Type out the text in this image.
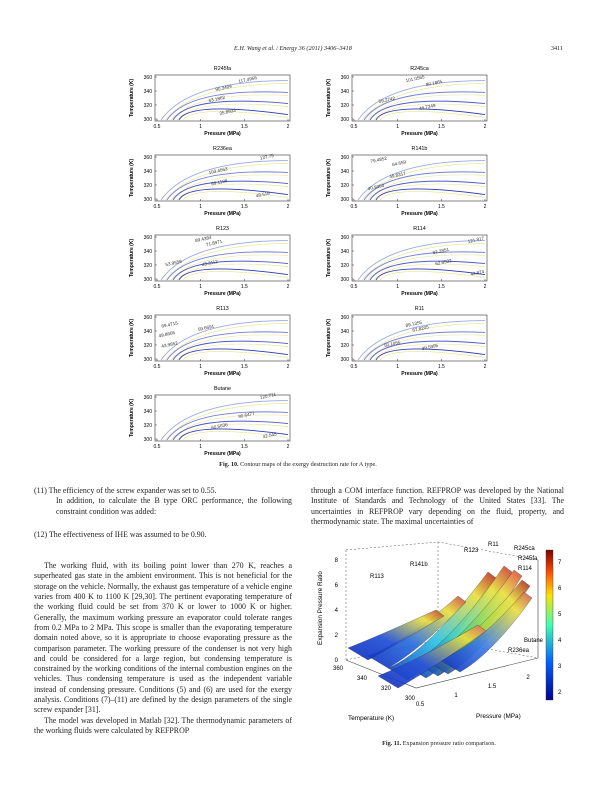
E.H. Wang et al. / Energy 36 (2011) 3406–3418	3411
R245fa
Temperature (K)
360
340
320
300
0.5	1	1.5	2
Pressure (MPa)
117.4956
90.3409
63.1862
35.8933
R245ca
Temperature (K)
360
340
320
300
0.5	1	1.5	2
Pressure (MPa)
101.0565 80.1865
59.2742
46.7249
R236ea
Temperature (K)
360
340
320
300
0.5	1	1.5	2
Pressure (MPa)
137.75
103.4563
69.1199
48.518
R141b
Temperature (K)
360
340
320
300
0.5	1	1.5	2
Pressure (MPa)
79.4852 64.659
49.8317
40.9353
R123
Temperature (K)
360
340
320
300
0.5	1	1.5	2
Pressure (MPa)
89.4384
71.8971
53.9559	43.3112
R114
Temperature (K)
360
340
320
300
0.5	1	1.5	2
Pressure (MPa)
121.917
92.2851
62.6532
44.874
R113
Temperature (K)
360
340
320
300
0.5	1	1.5	2
Pressure (MPa)
69.4715	59.6691
49.8666
43.9852
R11
Temperature (K)
360
340
320
300
0.5	1	1.5	2
Pressure (MPa)
89.1355
67.8205
50.1055	39.5995
Butane
Temperature (K)
360
340
320
300
0.5	1	1.5	2
Pressure (MPa)
120.711
90.6477
60.5636
42.545
Fig. 10. Contour maps of the exergy destruction rate for A type.

(11) The efficiency of the screw expander was set to 0.55.

In addition, to calculate the B type ORC performance, the following constraint condition was added:

(12) The effectiveness of IHE was assumed to be 0.90.

The working fluid, with its boiling point lower than 270 K, reaches a superheated gas state in the ambient environment. This is not beneficial for the storage on the vehicle. Normally, the exhaust gas temperature of a vehicle engine varies from 400 K to 1100 K [29,30]. The pertinent evaporating temperature of the working fluid could be set from 370 K or lower to 1000 K or higher. Generally, the maximum working pressure an evaporator could tolerate ranges from 0.2 MPa to 2 MPa. This scope is smaller than the evaporating temperature domain noted above, so it is appropriate to choose evaporating pressure as the comparison parameter. The working pressure of the condenser is not very high and could be considered for a large region, but condensing temperature is constrained by the working conditions of the internal combustion engines on the vehicles. Thus condensing temperature is used as the independent variable instead of condensing pressure. Conditions (5) and (6) are used for the exergy analysis. Conditions (7)–(11) are defined by the design parameters of the single screw expander [31].

The model was developed in Matlab [32]. The thermodynamic parameters of the working fluids were calculated by REFPROP

through a COM interface function. REFPROP was developed by the National Institute of Standards and Technology of the United States [33]. The uncertainties in REFPROP vary depending on the fluid, property, and thermodynamic state. The maximal uncertainties of

8
6
4
2
0
Expansion Pressure Ratio
360
340
320
300
Temperature (K)
0.5
1
1.5
2
Pressure (MPa)
R123
R11
R245ca
R245fa
R114
R141b
R113
Butane
R236ea
7
6
5
4
3
2
Fig. 11. Expansion pressure ratio comparison.
